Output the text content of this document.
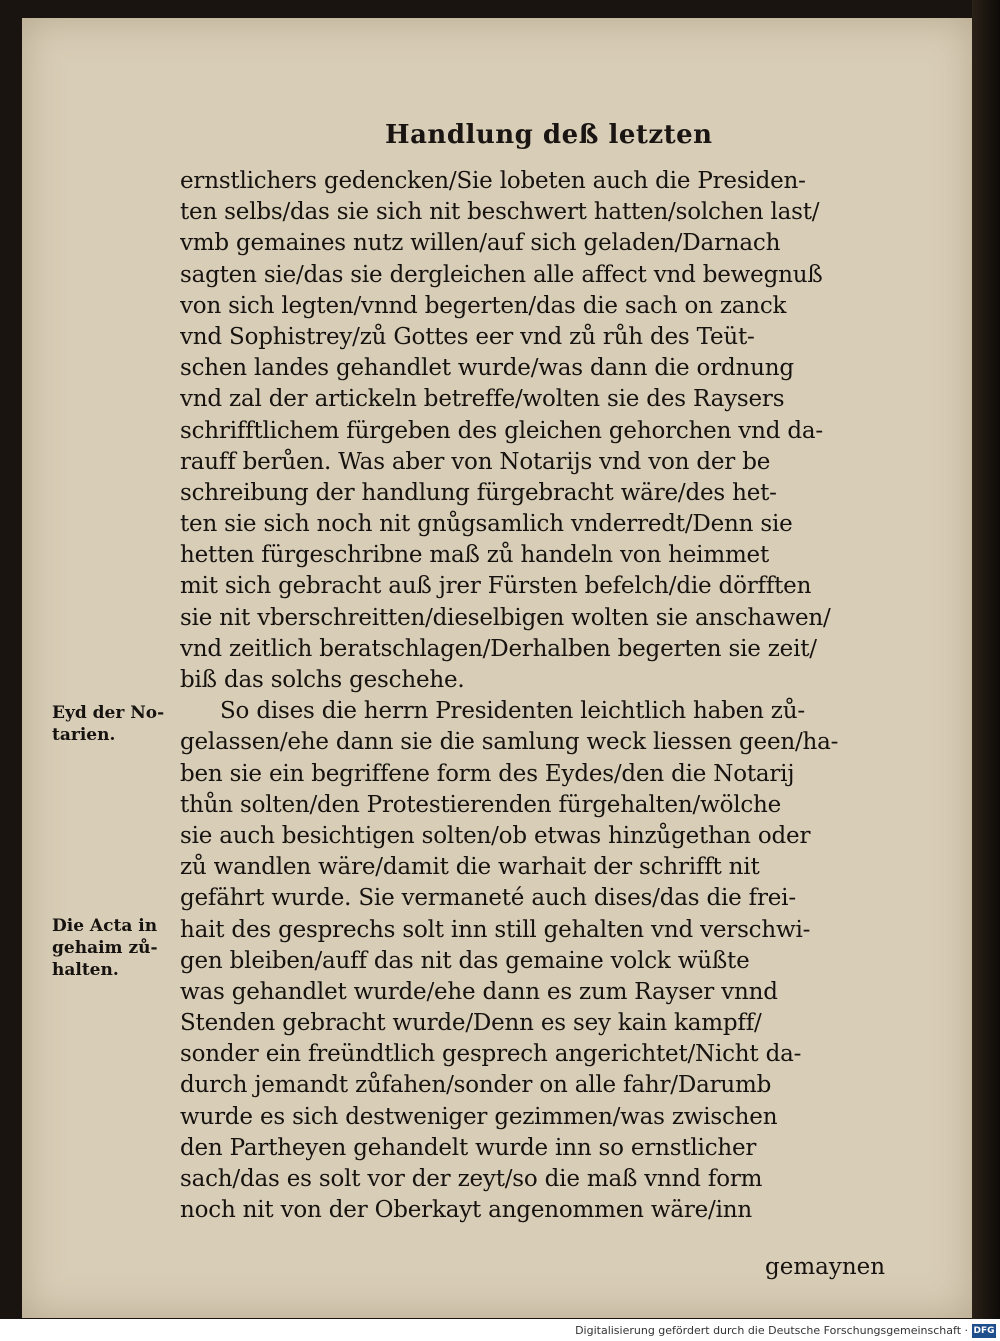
Handlung deß letzten
ernstlichers gedencken/Sie lobeten auch die Presiden-
ten selbs/das sie sich nit beschwert hatten/solchen last/
vmb gemaines nutz willen/auf sich geladen/Darnach
sagten sie/das sie dergleichen alle affect vnd bewegnuß
von sich legten/vnnd begerten/das die sach on zanck
vnd Sophistrey/zů Gottes eer vnd zů růh des Teüt-
schen landes gehandlet wurde/was dann die ordnung
vnd zal der artickeln betreffe/wolten sie des Raysers
schrifftlichem fürgeben des gleichen gehorchen vnd da-
rauff berůen. Was aber von Notarijs vnd von der be
schreibung der handlung fürgebracht wäre/des het-
ten sie sich noch nit gnůgsamlich vnderredt/Denn sie
hetten fürgeschribne maß zů handeln von heimmet
mit sich gebracht auß jrer Fürsten befelch/die dörfften
sie nit vberschreitten/dieselbigen wolten sie anschawen/
vnd zeitlich beratschlagen/Derhalben begerten sie zeit/
biß das solchs geschehe.
So dises die herrn Presidenten leichtlich haben zů-
gelassen/ehe dann sie die samlung weck liessen geen/ha-
ben sie ein begriffene form des Eydes/den die Notarij
thůn solten/den Protestierenden fürgehalten/wölche
sie auch besichtigen solten/ob etwas hinzůgethan oder
zů wandlen wäre/damit die warhait der schrifft nit
gefährt wurde. Sie vermaneté auch dises/das die frei-
hait des gesprechs solt inn still gehalten vnd verschwi-
gen bleiben/auff das nit das gemaine volck wüßte
was gehandlet wurde/ehe dann es zum Rayser vnnd
Stenden gebracht wurde/Denn es sey kain kampff/
sonder ein freündtlich gesprech angerichtet/Nicht da-
durch jemandt zůfahen/sonder on alle fahr/Darumb
wurde es sich destweniger gezimmen/was zwischen
den Partheyen gehandelt wurde inn so ernstlicher
sach/das es solt vor der zeyt/so die maß vnnd form
noch nit von der Oberkayt angenommen wäre/inn
Eyd der No-
tarien.
Die Acta in
gehaim zů-
halten.
gemaynen
Digitalisierung gefördert durch die Deutsche Forschungsgemeinschaft · DFG
